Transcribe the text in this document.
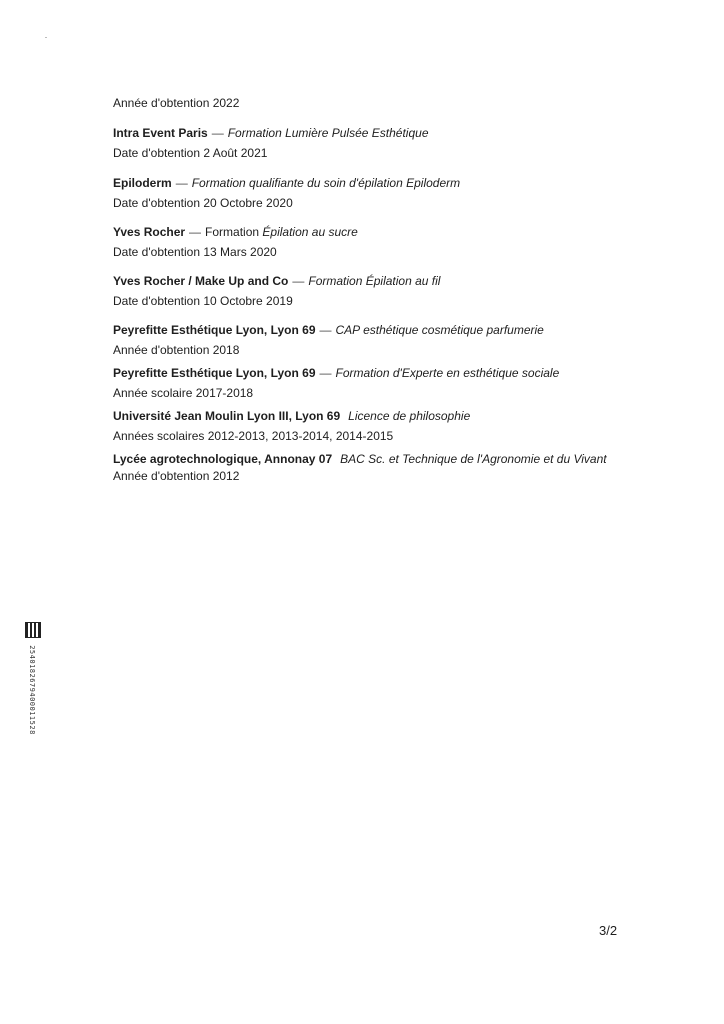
Année d'obtention 2022
Intra Event Paris — Formation Lumière Pulsée Esthétique
Date d'obtention 2 Août 2021
Epiloderm — Formation qualifiante du soin d'épilation Epiloderm
Date d'obtention 20 Octobre 2020
Yves Rocher — Formation Épilation au sucre
Date d'obtention 13 Mars 2020
Yves Rocher / Make Up and Co — Formation Épilation au fil
Date d'obtention 10 Octobre 2019
Peyrefitte Esthétique Lyon, Lyon 69 — CAP esthétique cosmétique parfumerie
Année d'obtention 2018
Peyrefitte Esthétique Lyon, Lyon 69 — Formation d'Experte en esthétique sociale
Année scolaire 2017-2018
Université Jean Moulin Lyon III, Lyon 69 Licence de philosophie
Années scolaires 2012-2013, 2013-2014, 2014-2015
Lycée agrotechnologique, Annonay 07 BAC Sc. et Technique de l'Agronomie et du Vivant
Année d'obtention 2012
2540182679400011528
3/2
